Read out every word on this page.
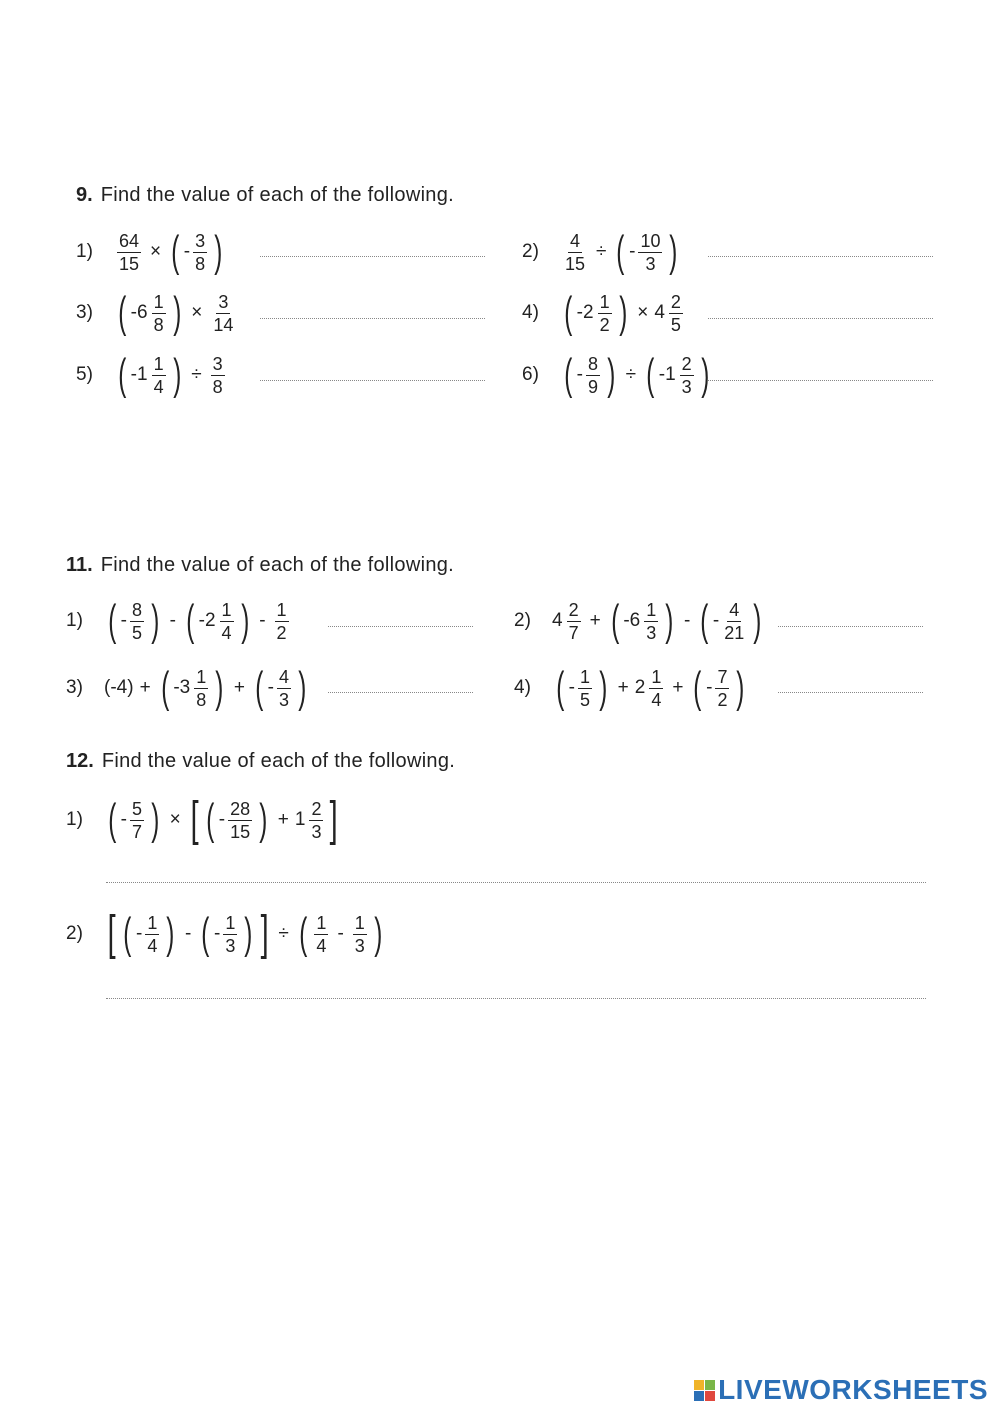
9. Find the value of each of the following.
1)	$\frac{64}{15}$ × ( - $\frac{3}{8}$ )	2)	$\frac{4}{15}$ ÷ ( - $\frac{10}{3}$ )
3) ( $-6 \frac{1}{8}$ ) × $\frac{3}{14}$	4) ( $-2 \frac{1}{2}$ ) × $4 \frac{2}{5}$
5) ( $-1 \frac{1}{4}$ ) ÷ $\frac{3}{8}$	6) ( - $\frac{8}{9}$ ) ÷ ( $-1 \frac{2}{3}$ )
11. Find the value of each of the following.
1) ( - $\frac{8}{5}$ ) - ( $-2 \frac{1}{4}$ ) - $\frac{1}{2}$	2)	$4 \frac{2}{7}$ + ( $-6 \frac{1}{3}$ ) - ( - $\frac{4}{21}$ )
3)	(-4) + ( $-3 \frac{1}{8}$ ) + ( - $\frac{4}{3}$ )	4) ( - $\frac{1}{5}$ ) + $2 \frac{1}{4}$ + ( - $\frac{7}{2}$ )
12. Find the value of each of the following.
1) ( - $\frac{5}{7}$ ) × [ ( - $\frac{28}{15}$ ) + $1 \frac{2}{3}$ ]
2) [ ( - $\frac{1}{4}$ ) - ( - $\frac{1}{3}$ ) ] ÷ ( $\frac{1}{4} - \frac{1}{3}$ )
LIVEWORKSHEETS
